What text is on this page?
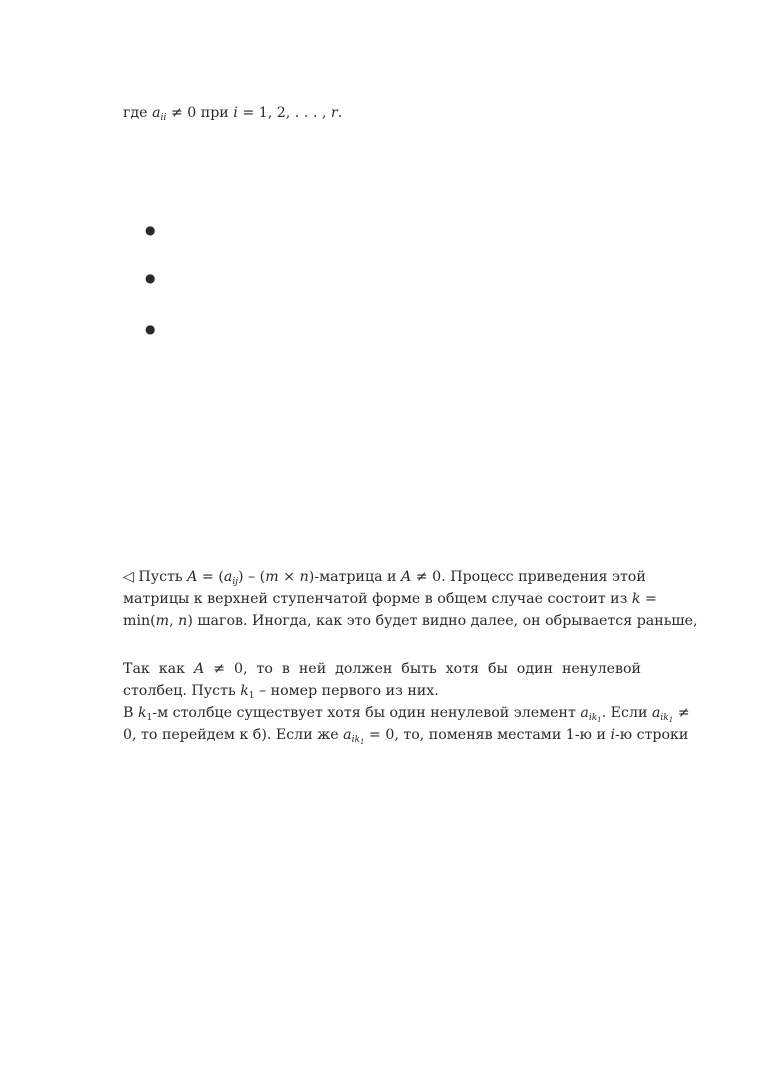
где $a_{ii} \ne 0$ при i = 1, 2, . . . , r.
●
●
●
◁ Пусть $A = (a_{ij}) - (m$ × n)-матрица и A ≠ 0. Процесс приведения этой
матрицы к верхней ступенчатой форме в общем случае состоит из k =
min(m, n) шагов. Иногда, как это будет видно далее, он обрывается раньше,
Так как A ≠ 0, то в ней должен быть хотя бы один ненулевой
столбец. Пусть $k_1$ – номер первого из них.
В $k_1-м$ столбце существует хотя бы один ненулевой элемент $a_{ik_1}$. Если $a_{ik_1}$ ≠
0, то перейдем к б). Если же $a_{ik_1} = 0$, то, поменяв местами 1-ю и i-ю строки
